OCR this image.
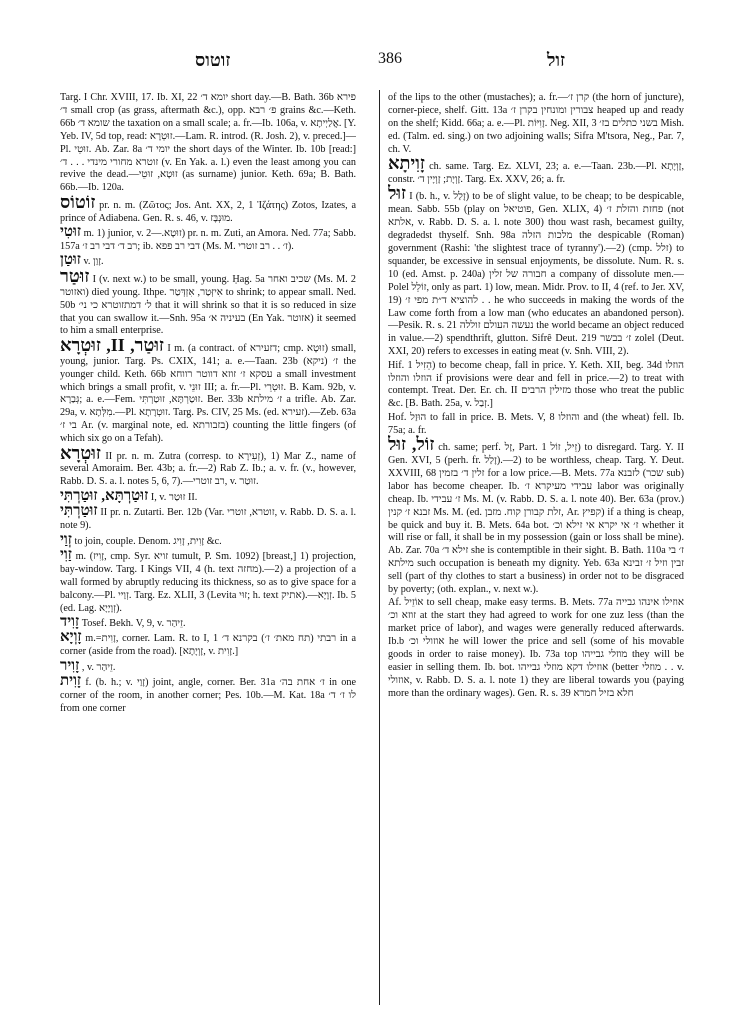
זוטוס	386	זול

Targ. I Chr. XVIII, 17. Ib. XI, 22 יומא ד׳ short day.—B. Bath. 36b פירא ד׳ small crop (as grass, aftermath &c.), opp. פ׳ רבא grains &c.—Keth. 66b שומא ד׳ the taxation on a small scale; a. fr.—Ib. 106a, v. אֲלַיְיתָא. [Y. Yeb. IV, 5d top, read: זוּטְרָא.—Lam. R. introd. (R. Josh. 2), v. preced.]—Pl. זוּטֵי. Ab. Zar. 8a יומי ד׳ the short days of the Winter. Ib. 10b [read:] זוטרא מחורי מינדי . . . ד׳ (v. En Yak. a. l.) even the least among you can revive the dead.—זוּטָא, זוּטֵי (as surname) junior. Keth. 69a; B. Bath. 66b.—Ib. 120a.

זוֹטוֹס pr. n. m. (Ζῶτος; Jos. Ant. XX, 2, 1 Ἰζάτης) Zotos, Izates, a prince of Adiabena. Gen. R. s. 46, v. מוּנְבָּז.

זוּטִי m. 1) junior, v. זוּטָא.—2) pr. n. m. Zuti, an Amora. Ned. 77a; Sabb. 157a רב ד׳ דבי רב ז׳; ib. דבי רב פפא (Ms. M. ז׳ . . רב זוטרי).

זוּטַן v. זָוַן.

זוּטַר I (v. next w.) to be small, young. Ḥag. 5a שכיב ואחר (Ms. M. 2 ואזוטר) died young. Ithpe. אִיזְּטַר, אִזְדְּטַר to shrink; to appear small. Ned. 50b ל׳ דמתזוטרא כי ני׳ that it will shrink so that it is so reduced in size that you can swallow it.—Snh. 95a בעיניה א׳ (En Yak. אזוטר) it seemed to him a small enterprise.

זוּטַר, II, זוּטְרָא I m. (a contract. of דזעירא; cmp. זוּטָא) small, young, junior. Targ. Ps. CXIX, 141; a. e.—Taan. 23b ז׳ (ניקא) the younger child. Keth. 66b עסקא ז׳ זוזא דווטר רווחא a small investment which brings a small profit, v. זוּנֵי III; a. fr.—Pl. זוּטְרֵי. B. Kam. 92b, v. גְּבַרָא; a. e.—Fem. זוּטַרְתָּא, זוּטַרְתִּי. Ber. 33b ז׳ מילתא a trifle. Ab. Zar. 29a, v. מִלְּתָא.—Pl. זוּטְרָתָא. Targ. Ps. CIV, 25 Ms. (ed. זעירא).—Zeb. 63a בי ז׳ Ar. (v. marginal note, ed. בזבורתא) counting the little fingers (of which six go on a Tefah).

זוּטְרָא II pr. n. m. Zutra (corresp. to זְעִירָא), 1) Mar Z., name of several Amoraim. Ber. 43b; a. fr.—2) Rab Z. Ib.; a. v. fr. (v., however, Rabb. D. S. a. l. notes 5, 6, 7).—רב זוטרי, v. זוּטַר.

זוּטַרְתָּא, זוּטַרְתִּי I, v. זוּטַר II.

זוּטַרְתִּי II pr. n. Zutarti. Ber. 12b (Var. זוטרא, זוטרי, v. Rabb. D. S. a. l. note 9).

זְוַי to join, couple. Denom. זָוִית, זָוִיג &c.

זַוִי m. (זָוִיז, cmp. Syr. זויא tumult, P. Sm. 1092) [breast,] 1) projection, bay-window. Targ. I Kings VII, 4 (h. text מחזה).—2) a projection of a wall formed by abruptly reducing its thickness, so as to give space for a balcony.—Pl. זְוַיי. Targ. Ez. XLII, 3 (Levita זוּי; h. text אתיק).—זְוָיָא. Ib. 5 (ed. Lag. זְוָיָיָא).

זָוִיד Tosef. Bekh. V, 9, v. זֵיהַר.

זָוְיָא m.=זָוִית, corner. Lam. R. to I, 1 רבתי (תח מאת׳ ז׳) בקרנא ד׳ in a corner (aside from the road). [זָוְיָתָא, v. זָוִית.]

זָוִיר , v. זֵיהַר.

זָוִית f. (b. h.; v. זָוַי) joint, angle, corner. Ber. 31a ז׳ אחת בה׳ in one corner of the room, in another corner; Pes. 10b.—M. Kat. 18a לו ז׳ ד׳ from one corner

of the lips to the other (mustaches); a. fr.—קרן ז׳ (the horn of juncture), corner-piece, shelf. Gitt. 13a צבורין ומונחין בקרן ז׳ heaped up and ready on the shelf; Kidd. 66a; a. e.—Pl. זָוִיּוֹת. Neg. XII, 3 בשני כתלים בז׳ Mish. ed. (Talm. ed. sing.) on two adjoining walls; Sifra M'tsora, Neg., Par. 7, ch. V.

זָוִיתָא ch. same. Targ. Ez. XLVI, 23; a. e.—Taan. 23b.—Pl. זָוְיָתָא, constr. זָוְיָת; זָוְיָין ד׳. Targ. Ex. XXV, 26; a. fr.

זוּל I (b. h., v. זָלַל) to be of slight value, to be cheap; to be despicable, mean. Sabb. 55b (play on פוטיאל, Gen. XLIX, 4) פחזת והזלת ז׳ (not אלתא, v. Rabb. D. S. a. l. note 300) thou wast rash, becamest guilty, degradedst thyself. Snh. 98a מלכות הזלה the despicable (Roman) government (Rashi: 'the slightest trace of tyranny').—2) (cmp. זלל) to squander, be excessive in sensual enjoyments, be dissolute. Num. R. s. 10 (ed. Amst. p. 240a) חבורה של זלין a company of dissolute men.—Polel זוֹלֵל, only as part. 1) low, mean. Midr. Prov. to II, 4 (ref. to Jer. XV, 19) להוציא ד״ת מפי ז׳ . . he who succeeds in making the words of the Law come forth from a low man (who educates an abandoned person).—Pesik. R. s. 21 נעשה העולם זוללה the world became an object reduced in value.—2) spendthrift, glutton. Sifrê Deut. 219 ז׳ בבשר zolel (Deut. XXI, 20) refers to excesses in eating meat (v. Snh. VIII, 2).

Hif. הֵזִיל 1) to become cheap, fall in price. Y. Keth. XII, beg. 34d הוזלו הוזלו והוזלו if provisions were dear and fell in price.—2) to treat with contempt. Treat. Der. Er. ch. II מזילין הרבים those who treat the public &c. [B. Bath. 25a, v. זְבַל.]

Hof. הוּזַל to fall in price. B. Mets. V, 8 והוזלו and (the wheat) fell. Ib. 75a; a. fr.

זוֹל, זוּל ch. same; perf. זָל, Part. זֵיל, זוֹל 1) to disregard. Targ. Y. II Gen. XVI, 5 (perh. fr. זָלַל).—2) to be worthless, cheap. Targ. Y. Deut. XXVIII, 68 זלין ד׳ בזמין for a low price.—B. Mets. 77a לזבנא (שכר sub) labor has become cheaper. Ib. עבידי מעיקרא ז׳ labor was originally cheap. Ib. ז׳ עבידי Ms. M. (v. Rabb. D. S. a. l. note 40). Ber. 63a (prov.) זבנא ז׳ קנין Ms. M. (ed. זלת קבורן קוח. מזבן, Ar. קפיץ) if a thing is cheap, be quick and buy it. B. Mets. 64a bot. ז׳ אי יקרא אי זילא וכ׳ whether it will rise or fall, it shall be in my possession (gain or loss shall be mine). Ab. Zar. 70a זילא ד׳ she is contemptible in their sight. B. Bath. 110a ז׳ בי מילתא such occupation is beneath my dignity. Yeb. 63a זבין וזיל ז׳ זבינא sell (part of thy clothes to start a business) in order not to be disgraced by poverty; (oth. explan., v. next w.).

Af. אוֹזֵיל to sell cheap, make easy terms. B. Mets. 77a אוזילו אינהו גבייה זוזא וכ׳ at the start they had agreed to work for one zuz less (than the market price of labor), and wages were generally reduced afterwards. Ib.b אוזולי וכ׳ he will lower the price and sell (some of his movable goods in order to raise money). Ib. 73a top מוזלי גבייהו they will be easier in selling them. Ib. bot. אוזילו דקא מוזלי גבייהו (better מוזלי . . v. אוזולי, v. Rabb. D. S. a. l. note 1) they are liberal towards you (paying more than the ordinary wages). Gen. R. s. 39 חלא בזיל חמרא
